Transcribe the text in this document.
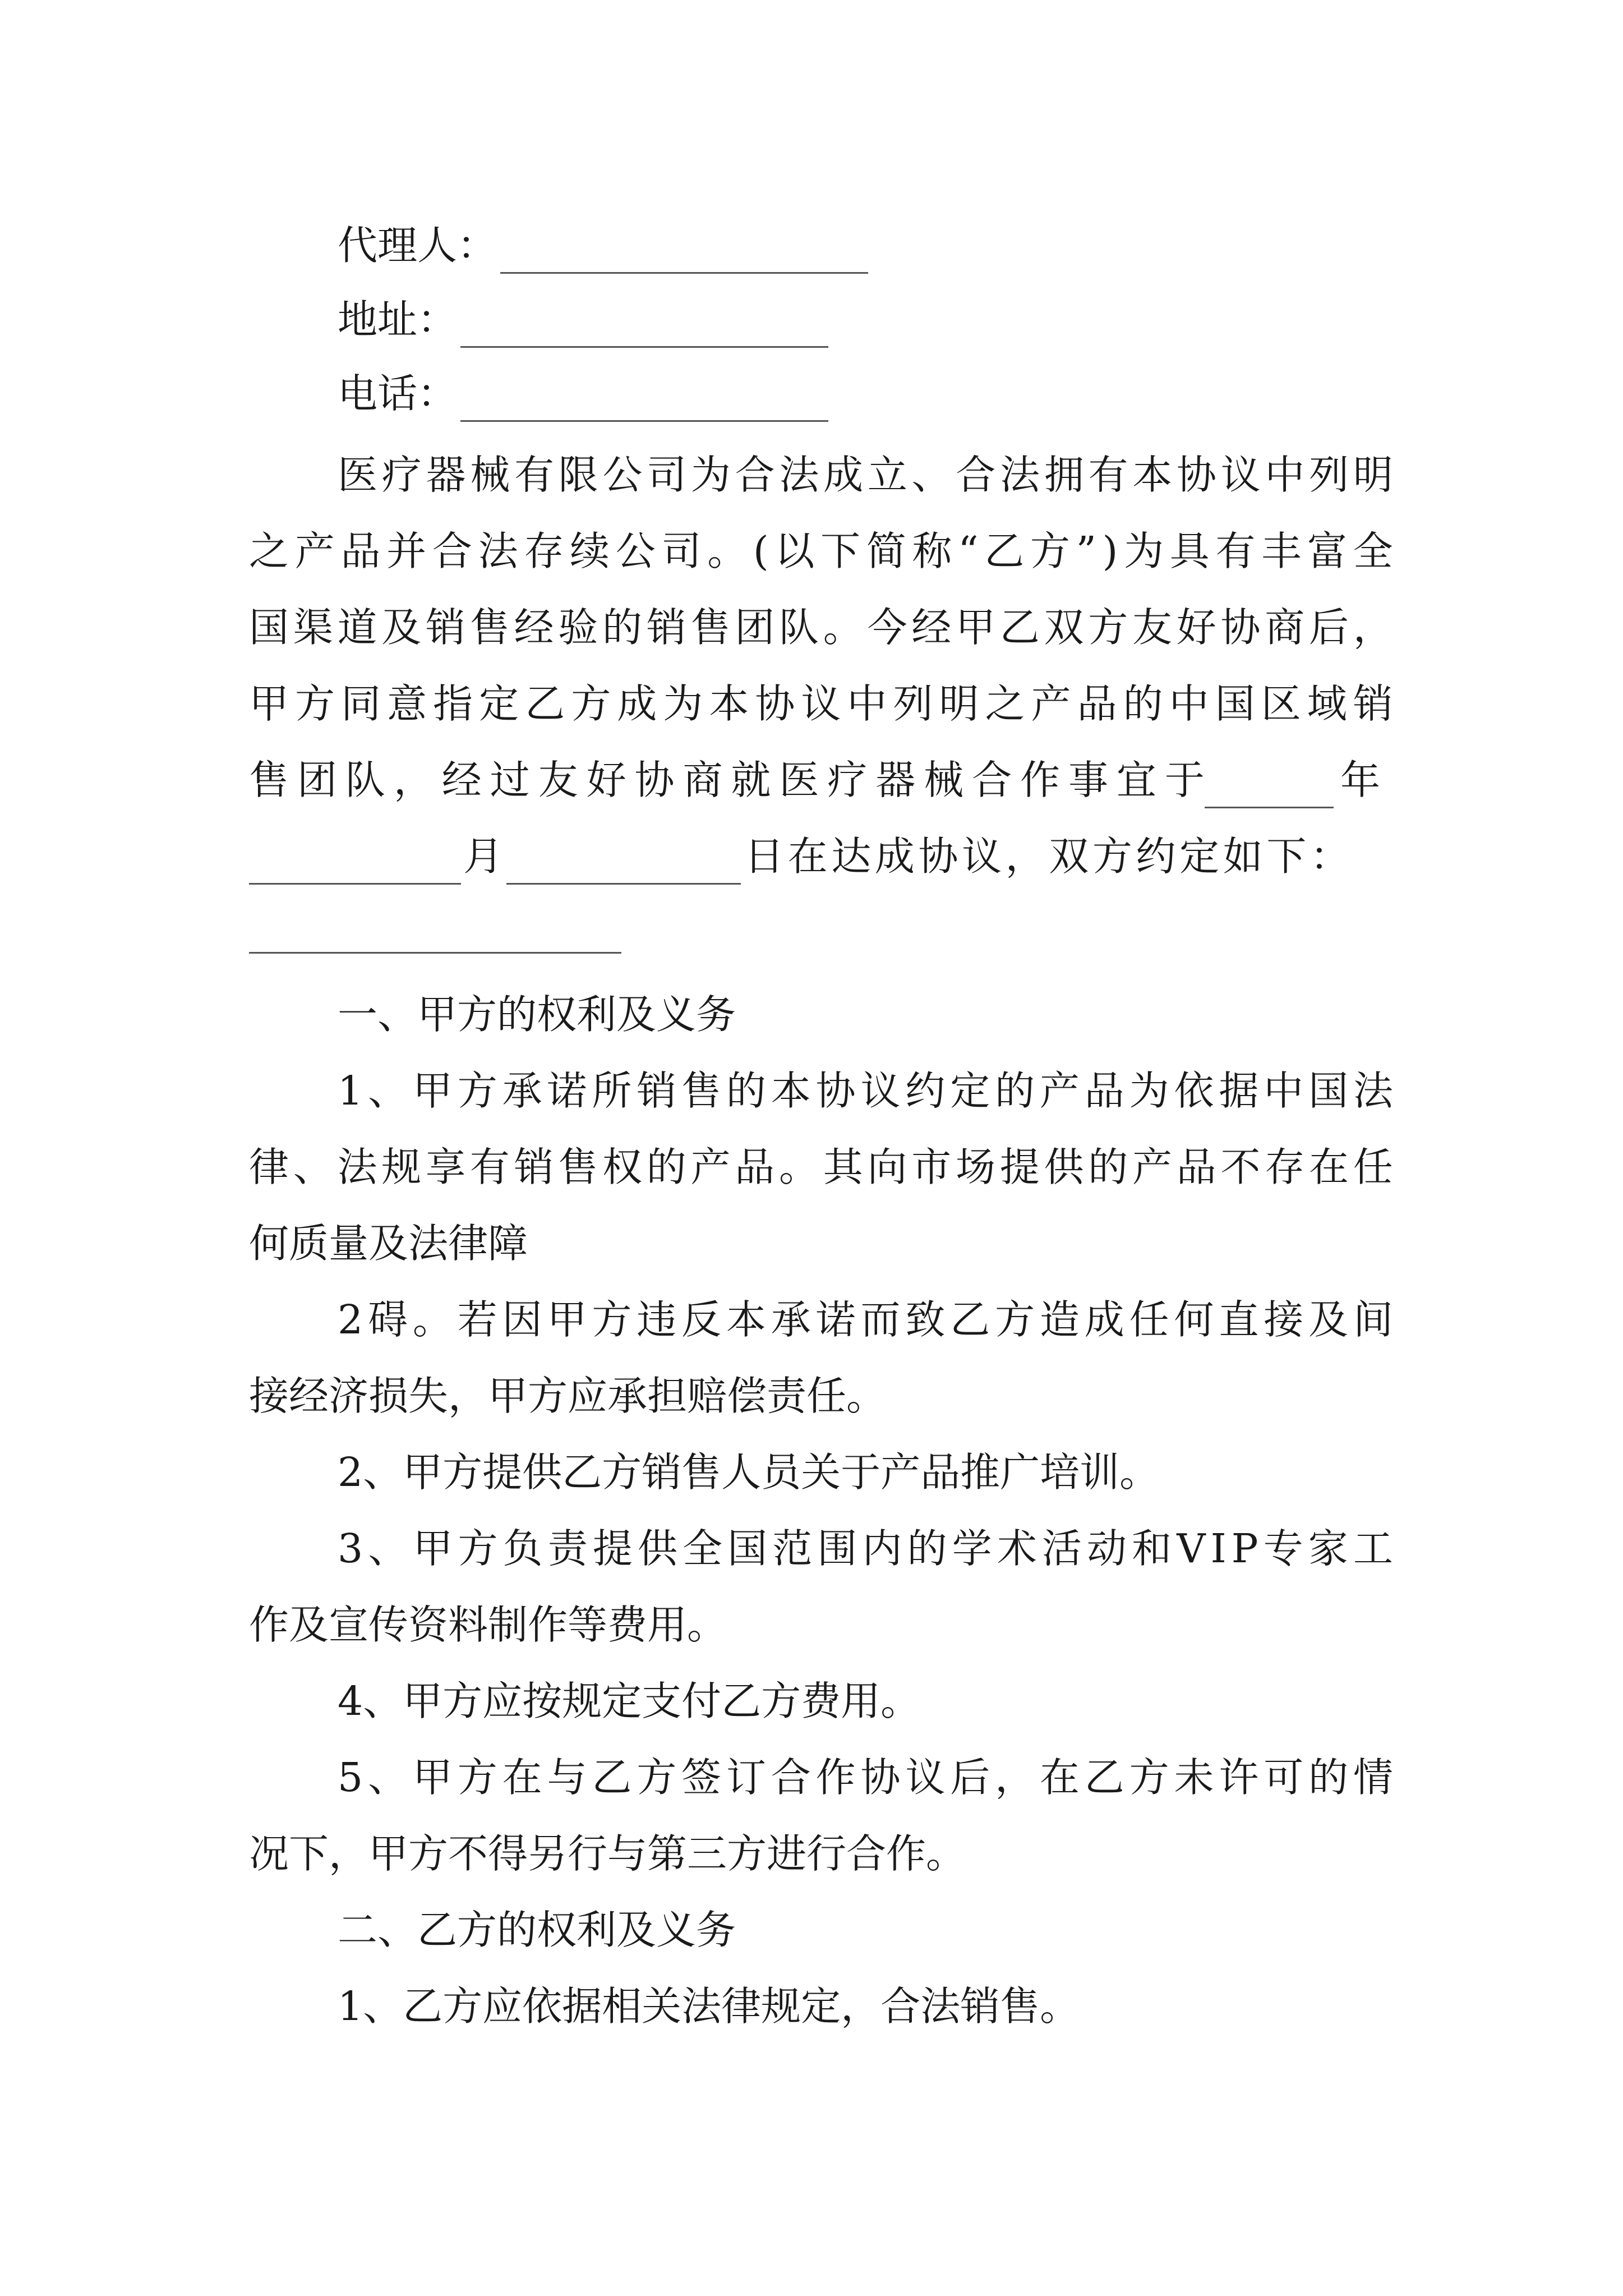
代理人：
地址：
电话：
医 疗 器 械 有 限 公 司 为 合 法 成 立 、 合 法 拥 有 本 协 议 中 列 明
之 产 品 并 合 法 存 续 公 司 。 ( 以 下 简 称 “ 乙 方 ” ) 为 具 有 丰 富 全
国 渠 道 及 销 售 经 验 的 销 售 团 队 。 今 经 甲 乙 双 方 友 好 协 商 后 ，
甲 方 同 意 指 定 乙 方 成 为 本 协 议 中 列 明 之 产 品 的 中 国 区 域 销
售 团 队 ， 经 过 友 好 协 商 就 医 疗 器 械 合 作 事 宜 于	年
月	日 在 达 成 协 议 ， 双 方 约 定 如 下 ：
一、甲方的权利及义务
1 、 甲 方 承 诺 所 销 售 的 本 协 议 约 定 的 产 品 为 依 据 中 国 法
律 、 法 规 享 有 销 售 权 的 产 品 。 其 向 市 场 提 供 的 产 品 不 存 在 任
何质量及法律障
2 碍 。 若 因 甲 方 违 反 本 承 诺 而 致 乙 方 造 成 任 何 直 接 及 间
接经济损失，甲方应承担赔偿责任。
2、甲方提供乙方销售人员关于产品推广培训。
3 、 甲 方 负 责 提 供 全 国 范 围 内 的 学 术 活 动 和 V I P 专 家 工
作及宣传资料制作等费用。
4、甲方应按规定支付乙方费用。
5 、 甲 方 在 与 乙 方 签 订 合 作 协 议 后 ， 在 乙 方 未 许 可 的 情
况下，甲方不得另行与第三方进行合作。
二、乙方的权利及义务
1、乙方应依据相关法律规定，合法销售。
